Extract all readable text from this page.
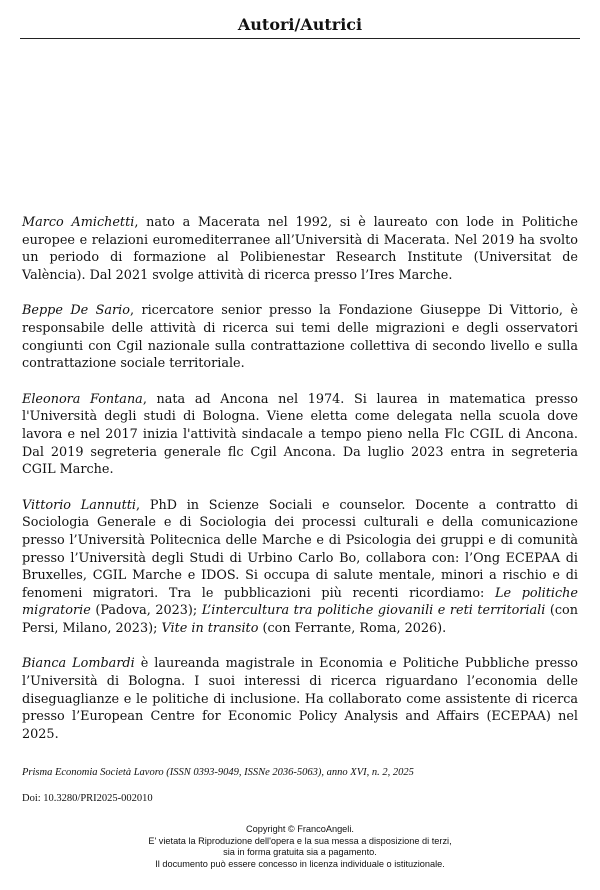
Autori/Autrici

Marco Amichetti, nato a Macerata nel 1992, si è laureato con lode in Politiche europee e relazioni euromediterranee all’Università di Macerata. Nel 2019 ha svolto un periodo di formazione al Polibienestar Research Institute (Universitat de València). Dal 2021 svolge attività di ricerca presso l’Ires Marche.

Beppe De Sario, ricercatore senior presso la Fondazione Giuseppe Di Vittorio, è responsabile delle attività di ricerca sui temi delle migrazioni e degli osservatori congiunti con Cgil nazionale sulla contrattazione collettiva di secondo livello e sulla contrattazione sociale territoriale.

Eleonora Fontana, nata ad Ancona nel 1974. Si laurea in matematica presso l'Università degli studi di Bologna. Viene eletta come delegata nella scuola dove lavora e nel 2017 inizia l'attività sindacale a tempo pieno nella Flc CGIL di Ancona. Dal 2019 segreteria generale flc Cgil Ancona. Da luglio 2023 entra in segreteria CGIL Marche.

Vittorio Lannutti, PhD in Scienze Sociali e counselor. Docente a contratto di Sociologia Generale e di Sociologia dei processi culturali e della comunicazione presso l’Università Politecnica delle Marche e di Psicologia dei gruppi e di comunità presso l’Università degli Studi di Urbino Carlo Bo, collabora con: l’Ong ECEPAA di Bruxelles, CGIL Marche e IDOS. Si occupa di salute mentale, minori a rischio e di fenomeni migratori. Tra le pubblicazioni più recenti ricordiamo: Le politiche migratorie (Padova, 2023); L’intercultura tra politiche giovanili e reti territoriali (con Persi, Milano, 2023); Vite in transito (con Ferrante, Roma, 2026).

Bianca Lombardi è laureanda magistrale in Economia e Politiche Pubbliche presso l’Università di Bologna. I suoi interessi di ricerca riguardano l’economia delle diseguaglianze e le politiche di inclusione. Ha collaborato come assistente di ricerca presso l’European Centre for Economic Policy Analysis and Affairs (ECEPAA) nel 2025.

Prisma Economia Società Lavoro (ISSN 0393-9049, ISSNe 2036-5063), anno XVI, n. 2, 2025
Doi: 10.3280/PRI2025-002010
Copyright © FrancoAngeli.
E' vietata la Riproduzione dell'opera e la sua messa a disposizione di terzi,
sia in forma gratuita sia a pagamento.
Il documento può essere concesso in licenza individuale o istituzionale.
